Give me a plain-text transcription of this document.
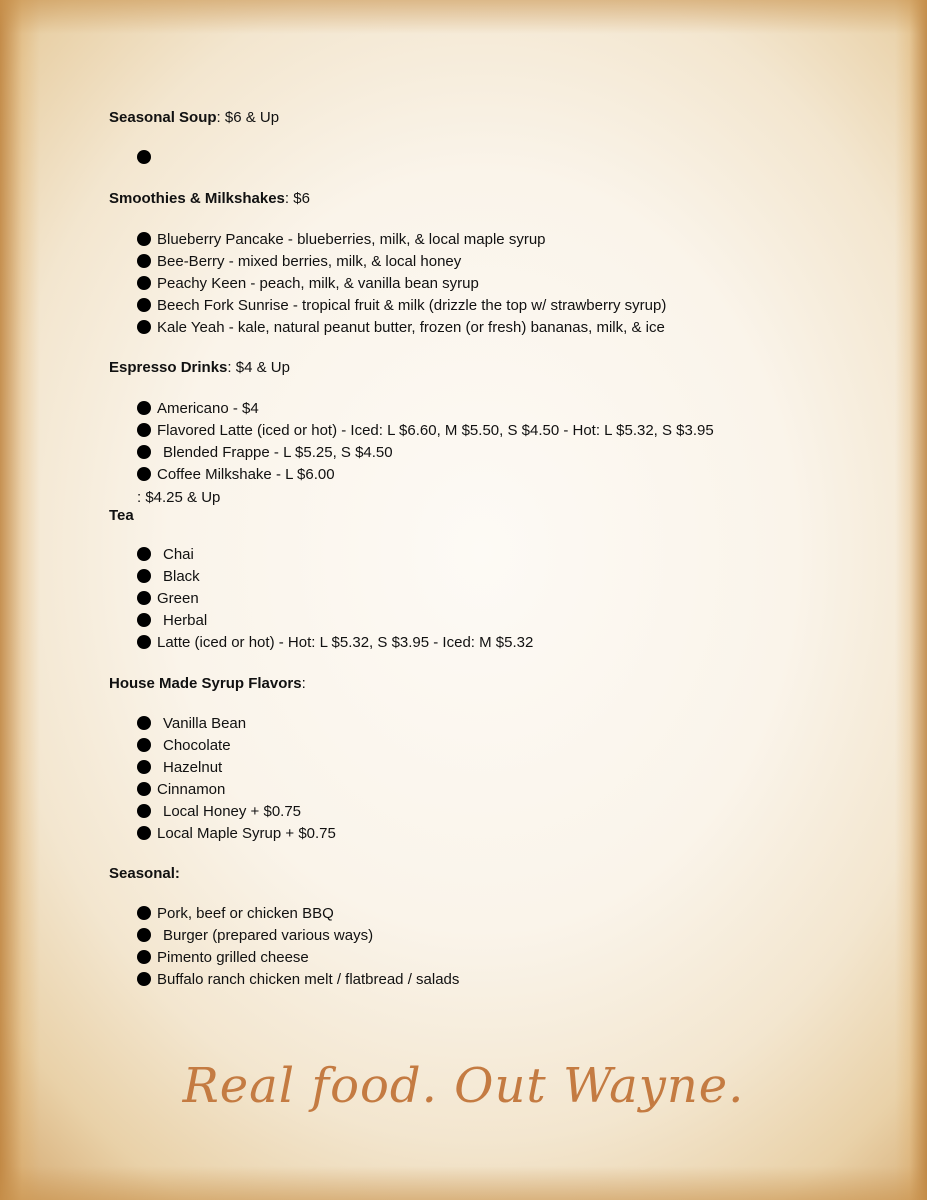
Seasonal Soup: $6 & Up
Smoothies & Milkshakes: $6
Blueberry Pancake - blueberries, milk, & local maple syrup
Bee-Berry - mixed berries, milk, & local honey
Peachy Keen - peach, milk, & vanilla bean syrup
Beech Fork Sunrise - tropical fruit & milk (drizzle the top w/ strawberry syrup)
Kale Yeah - kale, natural peanut butter, frozen (or fresh) bananas, milk, & ice
Espresso Drinks: $4 & Up
Americano - $4
Flavored Latte (iced or hot) - Iced: L $6.60, M $5.50, S $4.50 - Hot: L $5.32, S $3.95
Blended Frappe - L $5.25, S $4.50
Coffee Milkshake - L $6.00
: $4.25 & Up
Tea
Chai
Black
Green
Herbal
Latte (iced or hot) - Hot: L $5.32, S $3.95 - Iced: M $5.32
House Made Syrup Flavors:
Vanilla Bean
Chocolate
Hazelnut
Cinnamon
Local Honey + $0.75
Local Maple Syrup + $0.75
Seasonal:
Pork, beef or chicken BBQ
Burger (prepared various ways)
Pimento grilled cheese
Buffalo ranch chicken melt / flatbread / salads
Real food. Out Wayne.
